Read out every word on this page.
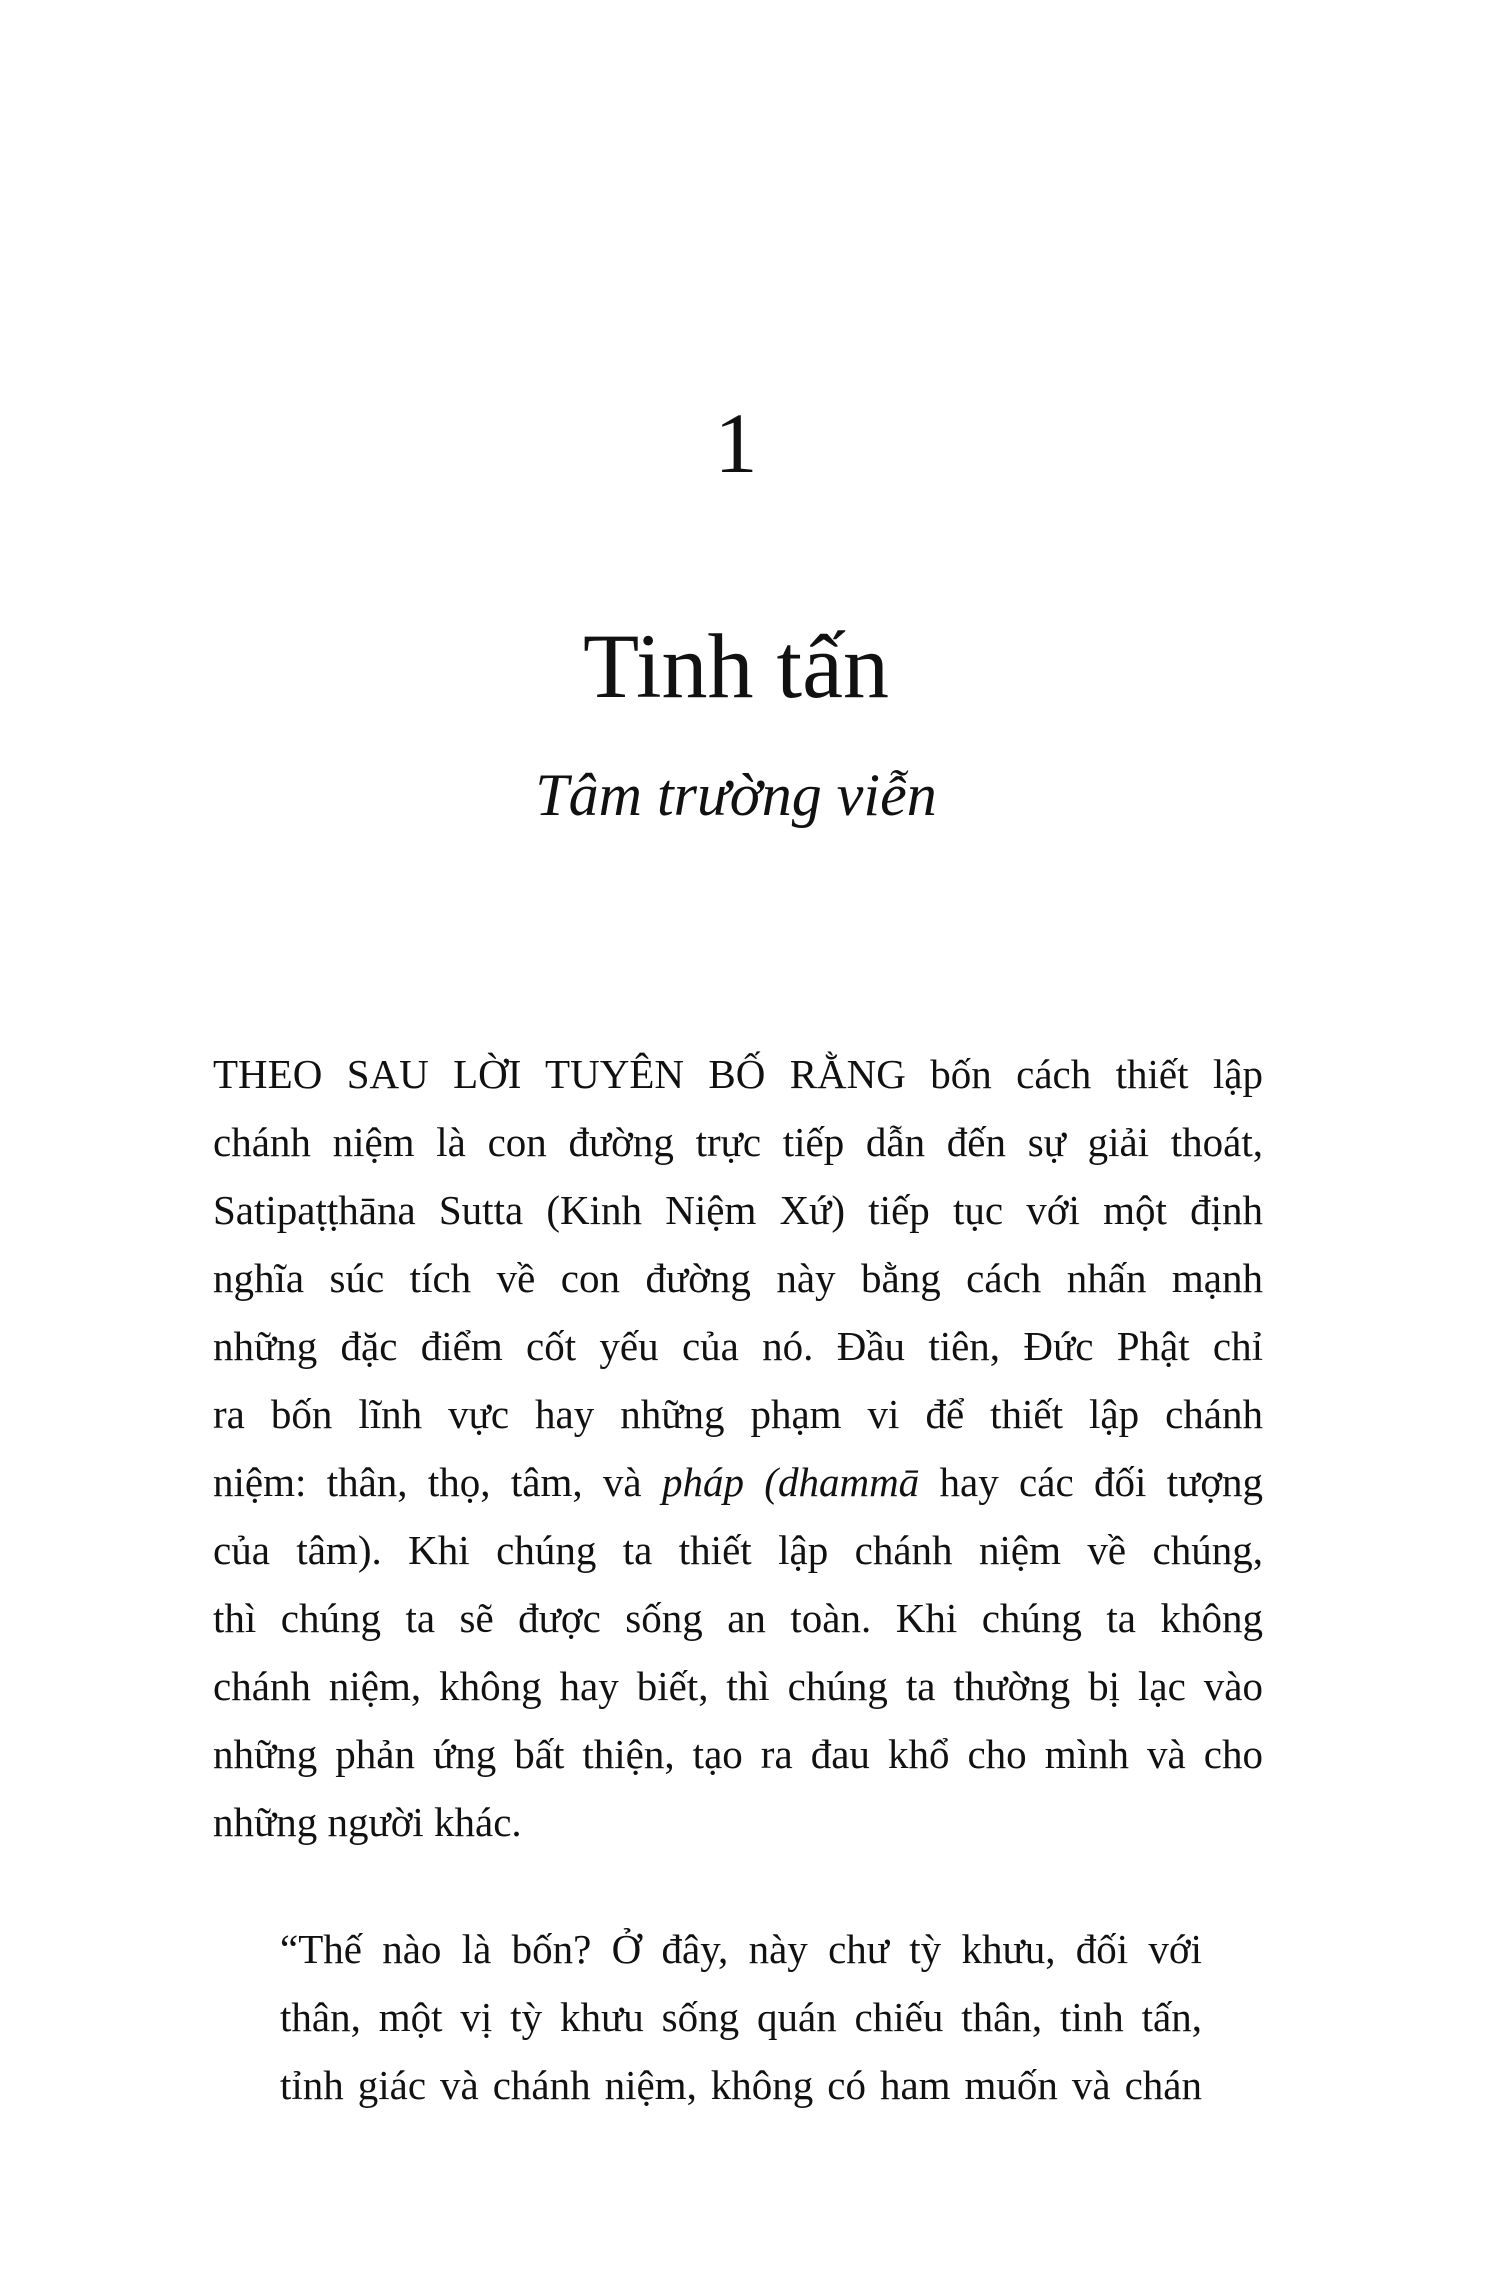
1
Tinh tấn
Tâm trường viễn
THEO SAU LỜI TUYÊN BỐ RẰNG bốn cách thiết lập
chánh niệm là con đường trực tiếp dẫn đến sự giải thoát,
Satipaṭṭhāna Sutta (Kinh Niệm Xứ) tiếp tục với một định
nghĩa súc tích về con đường này bằng cách nhấn mạnh
những đặc điểm cốt yếu của nó. Đầu tiên, Đức Phật chỉ
ra bốn lĩnh vực hay những phạm vi để thiết lập chánh
niệm: thân, thọ, tâm, và pháp (dhammā hay các đối tượng
của tâm). Khi chúng ta thiết lập chánh niệm về chúng,
thì chúng ta sẽ được sống an toàn. Khi chúng ta không
chánh niệm, không hay biết, thì chúng ta thường bị lạc vào
những phản ứng bất thiện, tạo ra đau khổ cho mình và cho
những người khác.
“Thế nào là bốn? Ở đây, này chư tỳ khưu, đối với
thân, một vị tỳ khưu sống quán chiếu thân, tinh tấn,
tỉnh giác và chánh niệm, không có ham muốn và chán
